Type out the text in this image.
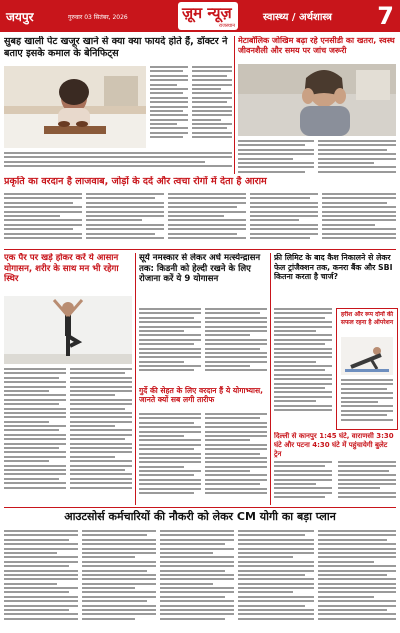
जयपुर	गुरुवार 03 सितंबर, 2026	ज़ूम न्यूज़
राजस्थान
स्वास्थ्य / अर्थशास्त्र 7
सुबह खाली पेट खजूर खाने से क्या क्या फायदे होते हैं, डॉक्टर ने बताए इसके कमाल के बेनिफिट्स
मेटाबॉलिक जोखिम बढ़ा रहे एनसीडी का खतरा, स्वस्थ जीवनशैली और समय पर जांच जरूरी
प्रकृति का वरदान है लाजवाब, जोड़ों के दर्द और त्वचा रोगों में देता है आराम
एक पैर पर खड़े होकर करें ये आसान योगासन, शरीर के साथ मन भी रहेगा स्थिर
सूर्य नमस्कार से लेकर अर्ध मत्स्येन्द्रासन तक: किडनी को हेल्दी रखने के लिए रोजाना करें ये 9 योगासन
गुर्दे की सेहत के लिए वरदान हैं ये योगाभ्यास, जानते क्यों सब लगी तारीफ
फ्री लिमिट के बाद कैश निकालने से लेकर फेल ट्रांजैक्शन तक, कनरा बैंक और SBI कितना करता है चार्ज?
हरीश और रूप दोनों की सफल रहना है ऑपरेशन
दिल्ली से कानपुर 1:45 घंटे, वाराणसी 3:30 घंटे और पटना 4:30 घंटे में पहुंचायेगी बुलेट ट्रेन
आउटसोर्स कर्मचारियों की नौकरी को लेकर CM योगी का बड़ा प्लान
